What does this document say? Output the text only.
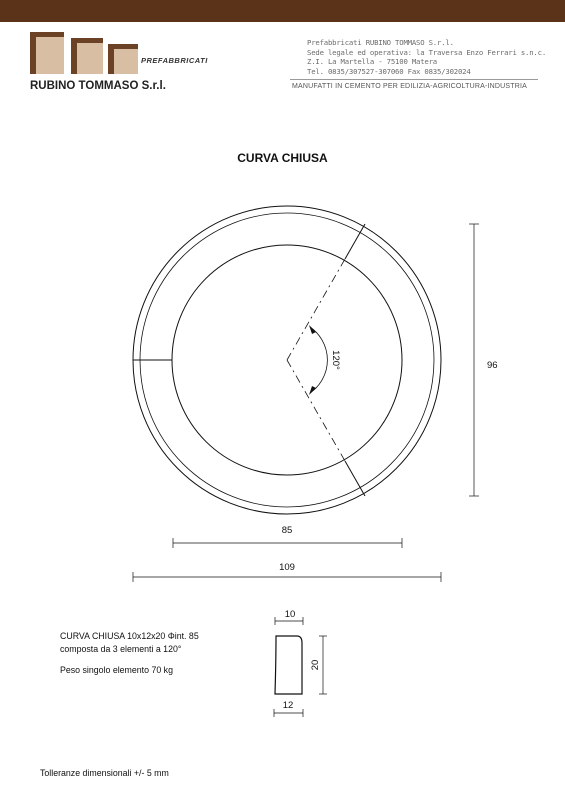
PREFABBRICATI
RUBINO TOMMASO S.r.l.
Prefabbricati RUBINO TOMMASO S.r.l.
Sede legale ed operativa: la Traversa Enzo Ferrari s.n.c.
Z.I. La Martella - 75100 Matera
Tel. 0835/307527-307060 Fax 0835/302024
MANUFATTI IN CEMENTO PER EDILIZIA-AGRICOLTURA-INDUSTRIA
CURVA CHIUSA
120°	96
85
109
10
12
20
CURVA CHIUSA 10x12x20 Φint. 85
composta da 3 elementi a 120°
Peso singolo elemento 70 kg
Tolleranze dimensionali +/- 5 mm
